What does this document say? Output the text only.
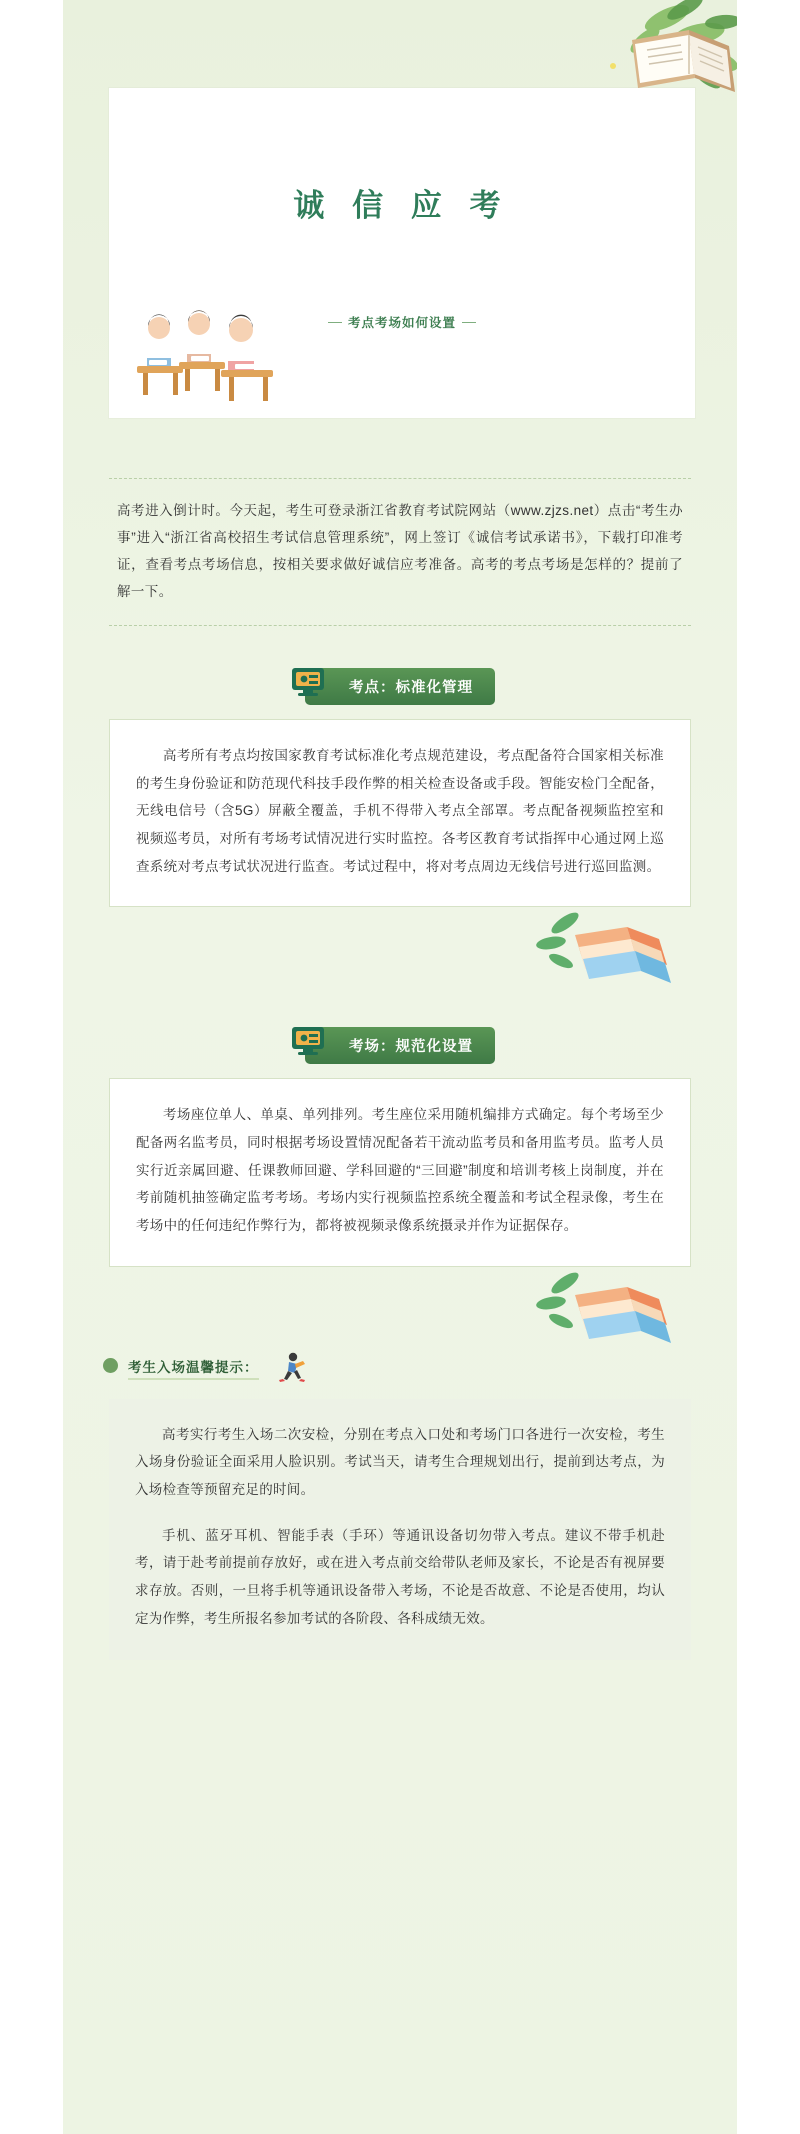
诚 信 应 考
考点考场如何设置
高考进入倒计时。今天起，考生可登录浙江省教育考试院网站（www.zjzs.net）点击“考生办事”进入“浙江省高校招生考试信息管理系统”，网上签订《诚信考试承诺书》，下载打印准考证，查看考点考场信息，按相关要求做好诚信应考准备。高考的考点考场是怎样的？提前了解一下。
考点：标准化管理

高考所有考点均按国家教育考试标准化考点规范建设，考点配备符合国家相关标准的考生身份验证和防范现代科技手段作弊的相关检查设备或手段。智能安检门全配备，无线电信号（含5G）屏蔽全覆盖，手机不得带入考点全部罩。考点配备视频监控室和视频巡考员，对所有考场考试情况进行实时监控。各考区教育考试指挥中心通过网上巡查系统对考点考试状况进行监查。考试过程中，将对考点周边无线信号进行巡回监测。

考场：规范化设置

考场座位单人、单桌、单列排列。考生座位采用随机编排方式确定。每个考场至少配备两名监考员，同时根据考场设置情况配备若干流动监考员和备用监考员。监考人员实行近亲属回避、任课教师回避、学科回避的“三回避”制度和培训考核上岗制度，并在考前随机抽签确定监考考场。考场内实行视频监控系统全覆盖和考试全程录像，考生在考场中的任何违纪作弊行为，都将被视频录像系统摄录并作为证据保存。

考生入场温馨提示：

高考实行考生入场二次安检，分别在考点入口处和考场门口各进行一次安检，考生入场身份验证全面采用人脸识别。考试当天，请考生合理规划出行，提前到达考点，为入场检查等预留充足的时间。

手机、蓝牙耳机、智能手表（手环）等通讯设备切勿带入考点。建议不带手机赴考，请于赴考前提前存放好，或在进入考点前交给带队老师及家长，不论是否有视屏要求存放。否则，一旦将手机等通讯设备带入考场，不论是否故意、不论是否使用，均认定为作弊，考生所报名参加考试的各阶段、各科成绩无效。
